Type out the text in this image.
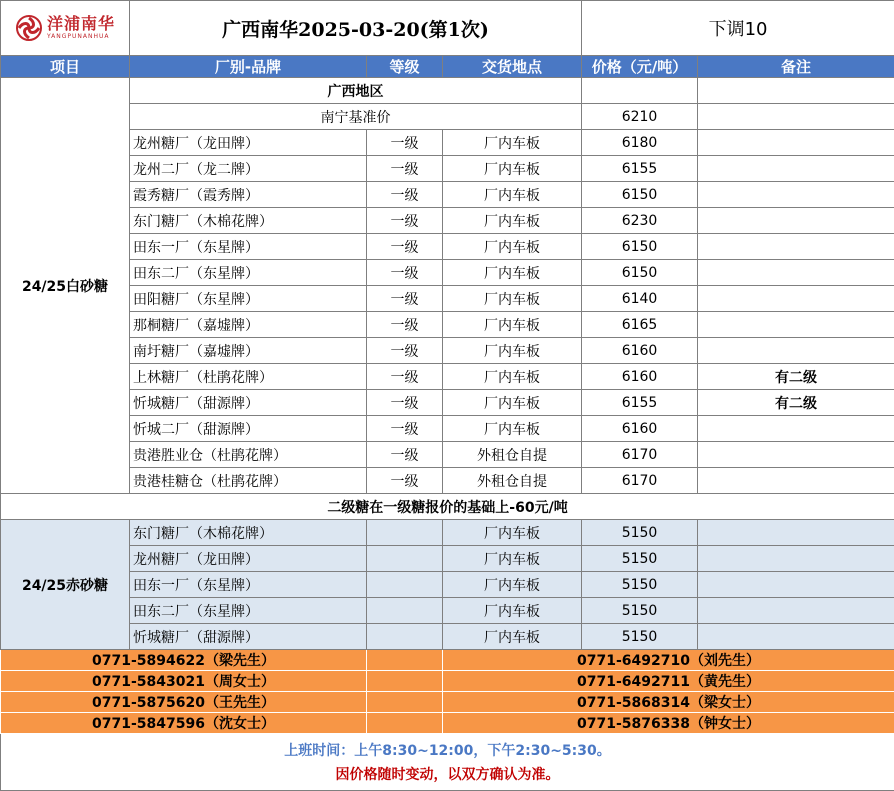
洋浦南华
YANGPUNANHUA	广西南华2025-03-20(第1次)			下调10	
项目	厂别-品牌	等级	交货地点	价格（元/吨）	备注
24/25白砂糖	广西地区				
	南宁基准价			6210	
	龙州糖厂（龙田牌）	一级	厂内车板	6180	
	龙州二厂（龙二牌）	一级	厂内车板	6155	
	霞秀糖厂（霞秀牌）	一级	厂内车板	6150	
	东门糖厂（木棉花牌）	一级	厂内车板	6230	
	田东一厂（东星牌）	一级	厂内车板	6150	
	田东二厂（东星牌）	一级	厂内车板	6150	
	田阳糖厂（东星牌）	一级	厂内车板	6140	
	那桐糖厂（嘉墟牌）	一级	厂内车板	6165	
	南圩糖厂（嘉墟牌）	一级	厂内车板	6160	
	上林糖厂（杜鹃花牌）	一级	厂内车板	6160	有二级
	忻城糖厂（甜源牌）	一级	厂内车板	6155	有二级
	忻城二厂（甜源牌）	一级	厂内车板	6160	
	贵港胜业仓（杜鹃花牌）	一级	外租仓自提	6170	
	贵港桂糖仓（杜鹃花牌）	一级	外租仓自提	6170	
二级糖在一级糖报价的基础上-60元/吨					
24/25赤砂糖	东门糖厂（木棉花牌）		厂内车板	5150	
	龙州糖厂（龙田牌）		厂内车板	5150	
	田东一厂（东星牌）		厂内车板	5150	
	田东二厂（东星牌）		厂内车板	5150	
	忻城糖厂（甜源牌）		厂内车板	5150	
0771-5894622（梁先生）			0771-6492710（刘先生）		
0771-5843021（周女士）			0771-6492711（黄先生）		
0771-5875620（王先生）			0771-5868314（梁女士）		
0771-5847596（沈女士）			0771-5876338（钟女士）		

上班时间：上午8:30~12:00，下午2:30~5:30。
因价格随时变动，以双方确认为准。					
